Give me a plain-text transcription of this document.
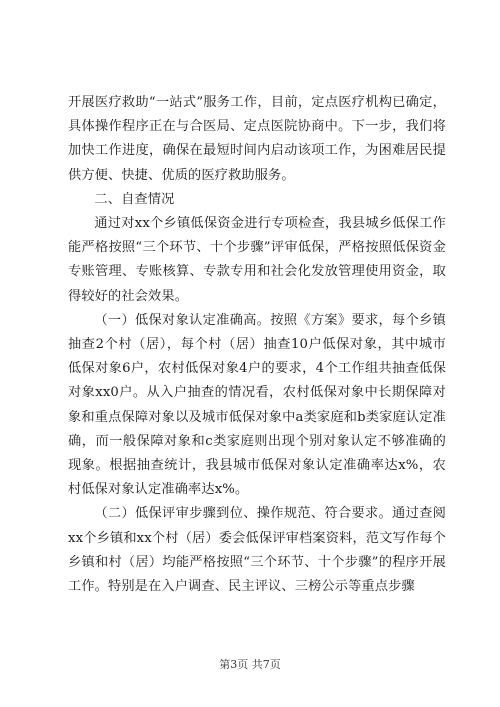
开展医疗救助“一站式”服务工作，目前，定点医疗机构已确定，具体操作程序正在与合医局、定点医院协商中。下一步，我们将加快工作进度，确保在最短时间内启动该项工作，为困难居民提供方便、快捷、优质的医疗救助服务。

二、自查情况

通过对xx个乡镇低保资金进行专项检查，我县城乡低保工作能严格按照“三个环节、十个步骤”评审低保，严格按照低保资金专账管理、专账核算、专款专用和社会化发放管理使用资金，取得较好的社会效果。

（一）低保对象认定准确高。按照《方案》要求，每个乡镇抽查2个村（居），每个村（居）抽查10户低保对象，其中城市低保对象6户，农村低保对象4户的要求，4个工作组共抽查低保对象xx0户。从入户抽查的情况看，农村低保对象中长期保障对象和重点保障对象以及城市低保对象中a类家庭和b类家庭认定准确，而一般保障对象和c类家庭则出现个别对象认定不够准确的现象。根据抽查统计，我县城市低保对象认定准确率达x%，农村低保对象认定准确率达x%。

（二）低保评审步骤到位、操作规范、符合要求。通过查阅xx个乡镇和xx个村（居）委会低保评审档案资料，范文写作每个乡镇和村（居）均能严格按照“三个环节、十个步骤”的程序开展工作。特别是在入户调查、民主评议、三榜公示等重点步骤

第3页 共7页
